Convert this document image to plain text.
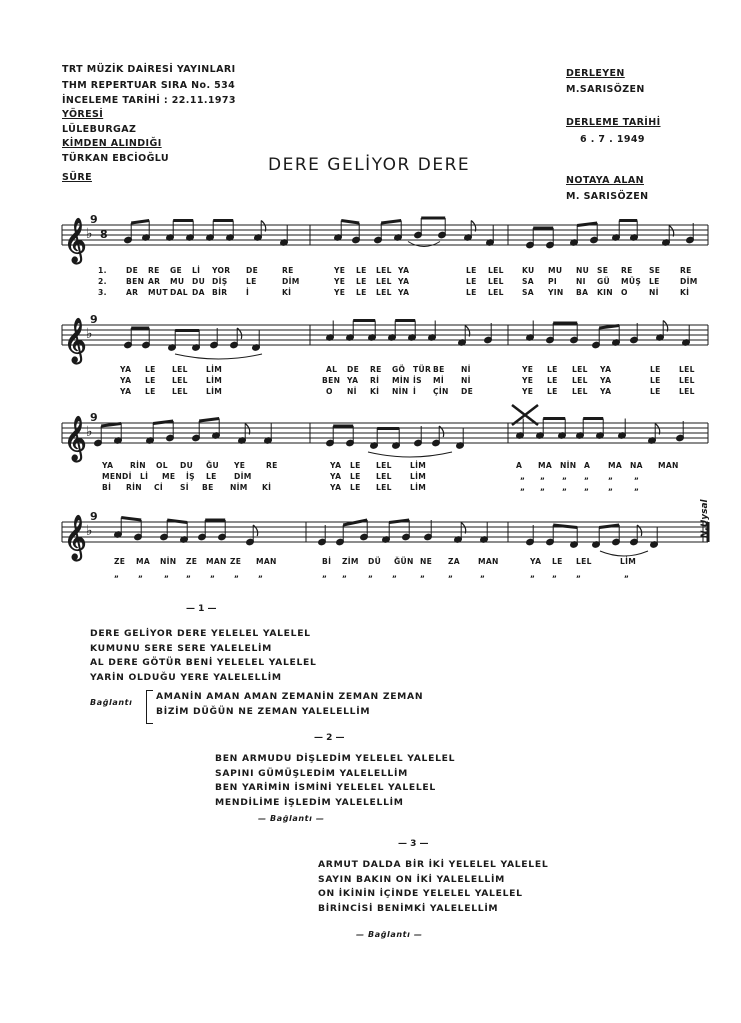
TRT MÜZİK DAİRESİ YAYINLARI
THM REPERTUAR SIRA No. 534
İNCELEME TARİHİ : 22.11.1973
YÖRESİ
LÜLEBURGAZ
KİMDEN ALINDIĞI
TÜRKAN EBCİOĞLU
SÜRE
DERLEYEN
M.SARISÖZEN
DERLEME TARİHİ
6 . 7 . 1949
NOTAYA ALAN
M. SARISÖZEN
DERE GELİYOR DERE
𝄞 ♭
9
8
𝄞 ♭
9
𝄞 ♭
9
𝄞 ♭
9	N.Uysal
1.	DE RE GE Lİ YOR DE	RE	YE LE LEL YA	LE LEL KU MU NU SE RE SE	RE
2.	BEN AR MU DU DİŞ LE	DİM	YE LE LEL YA	LE LEL SA PI	NI GÜ MÜŞ LE	DİM
3.	AR MUT DAL DA BİR İ	Kİ	YE LE LEL YA	LE LEL SA YIN BA KIN O	Nİ	Kİ
YA LE LEL LİM	AL DE RE GÖ TÜR BE Nİ	YE LE LEL YA	LE LEL
YA LE LEL LİM	BEN YA Rİ MİN İS Mİ Nİ	YE LE LEL YA	LE LEL
YA LE LEL LİM	O Nİ Kİ NİN İ ÇİN DE	YE LE LEL YA	LE LEL
YA RİN OL DU ĞU YE	RE	YA LE LEL LİM	A MA NİN A MA NA MAN
MENDİ Lİ ME İŞ LE DİM	YA LE LEL LİM	„ „ „ „ „	„
Bİ RİN Cİ Sİ BE NİM Kİ	YA LE LEL LİM	„ „ „ „ „	„
ZE MA NİN ZE MAN ZE MAN	Bİ ZİM DÜ ĞÜN NE ZA MAN	YA LE LEL	LİM
„ „	„ „ „ „ „	„ „	„ „	„	„	„	„ „ „	„
— 1 —
DERE GELİYOR DERE YELELEL YALELEL
KUMUNU SERE SERE YALELELİM
AL DERE GÖTÜR BENİ YELELEL YALELEL
YARİN OLDUĞU YERE YALELELLİM
Bağlantı
AMANİN AMAN AMAN ZEMANİN ZEMAN ZEMAN
BİZİM DÜĞÜN NE ZEMAN YALELELLİM
— 2 —
BEN ARMUDU DİŞLEDİM YELELEL YALELEL
SAPINI GÜMÜŞLEDİM YALELELLİM
BEN YARİMİN İSMİNİ YELELEL YALELEL
MENDİLİME İŞLEDİM YALELELLİM
— Bağlantı —
— 3 —
ARMUT DALDA BİR İKİ YELELEL YALELEL
SAYIN BAKIN ON İKİ YALELELLİM
ON İKİNİN İÇİNDE YELELEL YALELEL
BİRİNCİSİ BENİMKİ YALELELLİM
— Bağlantı —
